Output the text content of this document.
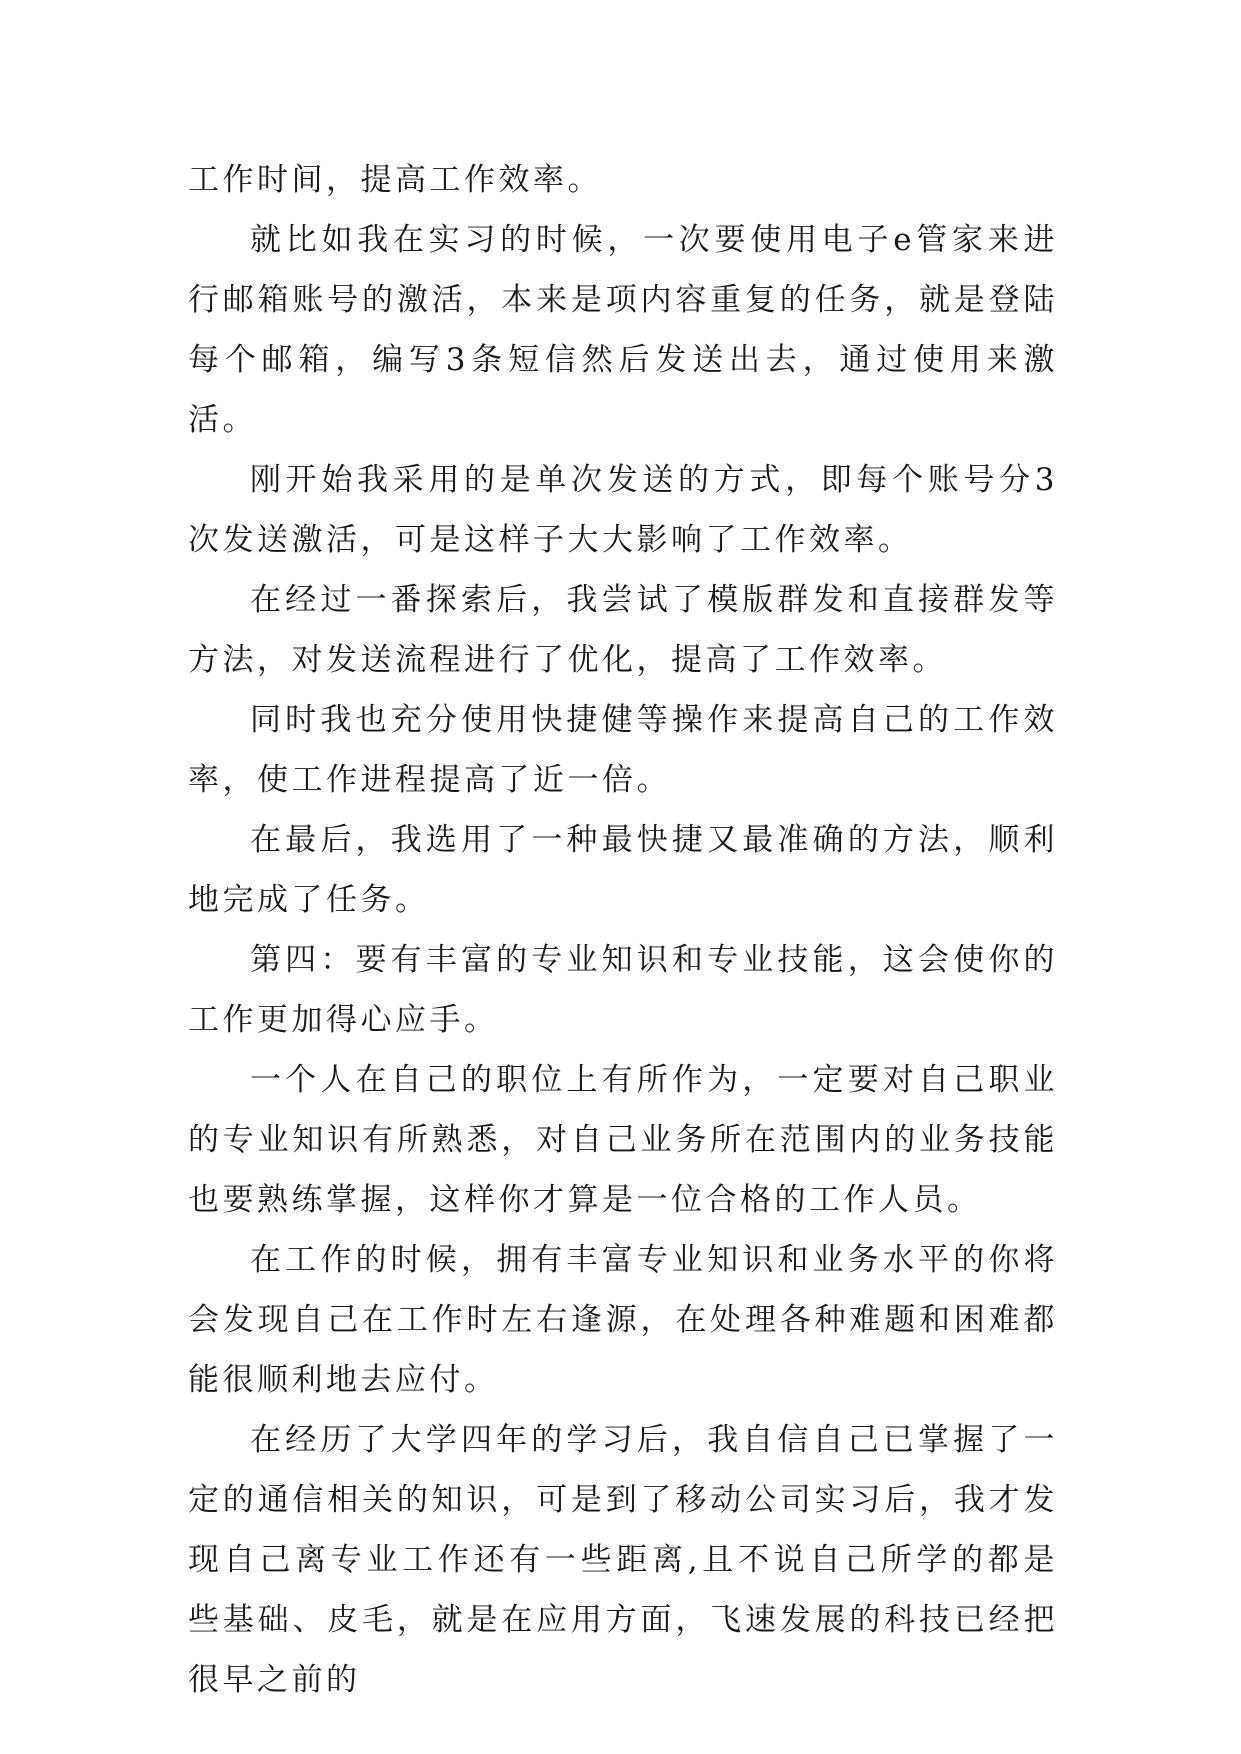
工作时间，提高工作效率。

就比如我在实习的时候，一次要使用电子e管家来进行邮箱账号的激活，本来是项内容重复的任务，就是登陆每个邮箱，编写3条短信然后发送出去，通过使用来激活。

刚开始我采用的是单次发送的方式，即每个账号分3次发送激活，可是这样子大大影响了工作效率。

在经过一番探索后，我尝试了模版群发和直接群发等方法，对发送流程进行了优化，提高了工作效率。

同时我也充分使用快捷健等操作来提高自己的工作效率，使工作进程提高了近一倍。

在最后，我选用了一种最快捷又最准确的方法，顺利地完成了任务。

第四：要有丰富的专业知识和专业技能，这会使你的工作更加得心应手。

一个人在自己的职位上有所作为，一定要对自己职业的专业知识有所熟悉，对自己业务所在范围内的业务技能也要熟练掌握，这样你才算是一位合格的工作人员。

在工作的时候，拥有丰富专业知识和业务水平的你将会发现自己在工作时左右逢源，在处理各种难题和困难都能很顺利地去应付。

在经历了大学四年的学习后，我自信自己已掌握了一定的通信相关的知识，可是到了移动公司实习后，我才发现自己离专业工作还有一些距离,且不说自己所学的都是些基础、皮毛，就是在应用方面，飞速发展的科技已经把很早之前的
